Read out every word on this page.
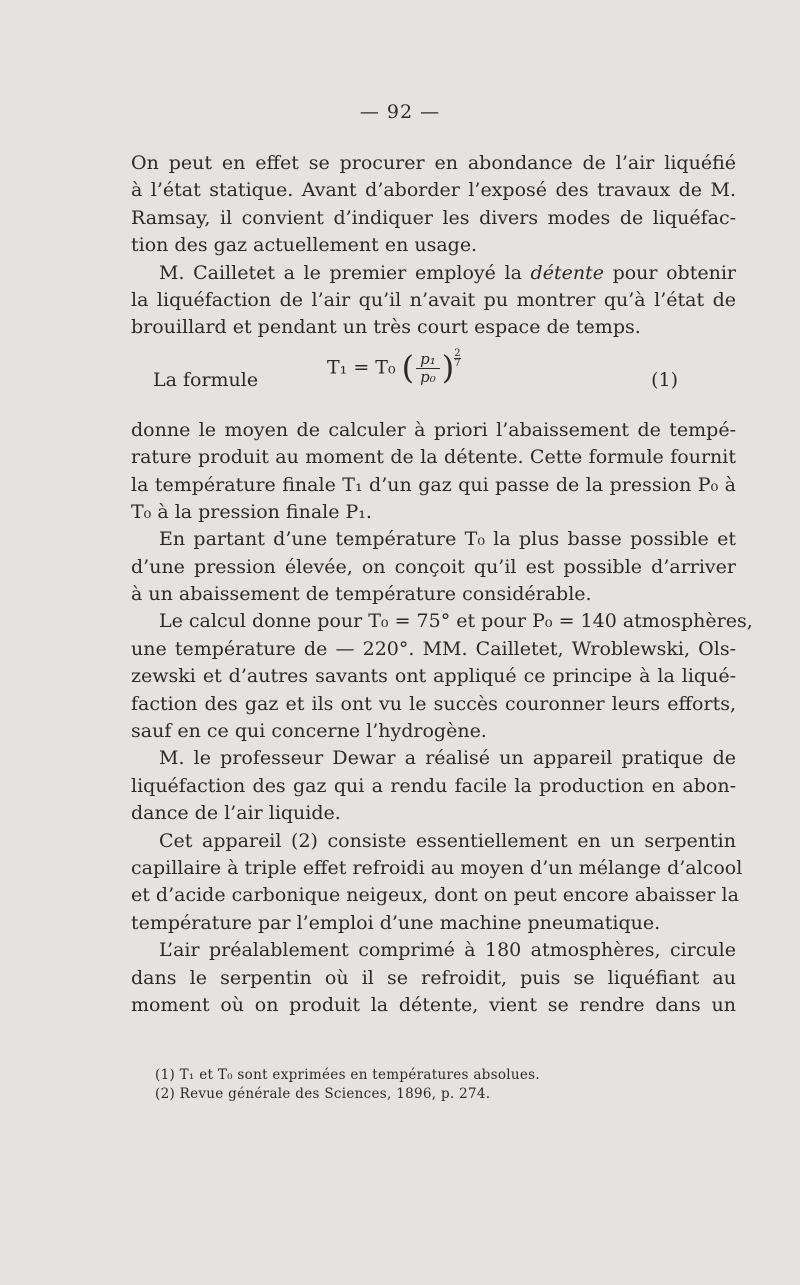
— 92 —
On peut en effet se procurer en abondance de l’air liquéfié
à l’état statique. Avant d’aborder l’exposé des travaux de M.
Ramsay, il convient d’indiquer les divers modes de liquéfac-
tion des gaz actuellement en usage.
M. Cailletet a le premier employé la détente pour obtenir
la liquéfaction de l’air qu’il n’avait pu montrer qu’à l’état de
brouillard et pendant un très court espace de temps.
La formule
T₁ = T₀ ( $\frac{\text{p₁}}{\text{p₀}}$ ) $\frac{2}{7}$
(1)
donne le moyen de calculer à priori l’abaissement de tempé-
rature produit au moment de la détente. Cette formule fournit
la température finale T₁ d’un gaz qui passe de la pression P₀ à
T₀ à la pression finale P₁.
En partant d’une température T₀ la plus basse possible et
d’une pression élevée, on conçoit qu’il est possible d’arriver
à un abaissement de température considérable.
Le calcul donne pour T₀ = 75° et pour P₀ = 140 atmosphères,
une température de — 220°. MM. Cailletet, Wroblewski, Ols-
zewski et d’autres savants ont appliqué ce principe à la liqué-
faction des gaz et ils ont vu le succès couronner leurs efforts,
sauf en ce qui concerne l’hydrogène.
M. le professeur Dewar a réalisé un appareil pratique de
liquéfaction des gaz qui a rendu facile la production en abon-
dance de l’air liquide.
Cet appareil (2) consiste essentiellement en un serpentin
capillaire à triple effet refroidi au moyen d’un mélange d’alcool
et d’acide carbonique neigeux, dont on peut encore abaisser la
température par l’emploi d’une machine pneumatique.
L’air préalablement comprimé à 180 atmosphères, circule
dans le serpentin où il se refroidit, puis se liquéfiant au
moment où on produit la détente, vient se rendre dans un
(1) T₁ et T₀ sont exprimées en températures absolues.
(2) Revue générale des Sciences, 1896, p. 274.
